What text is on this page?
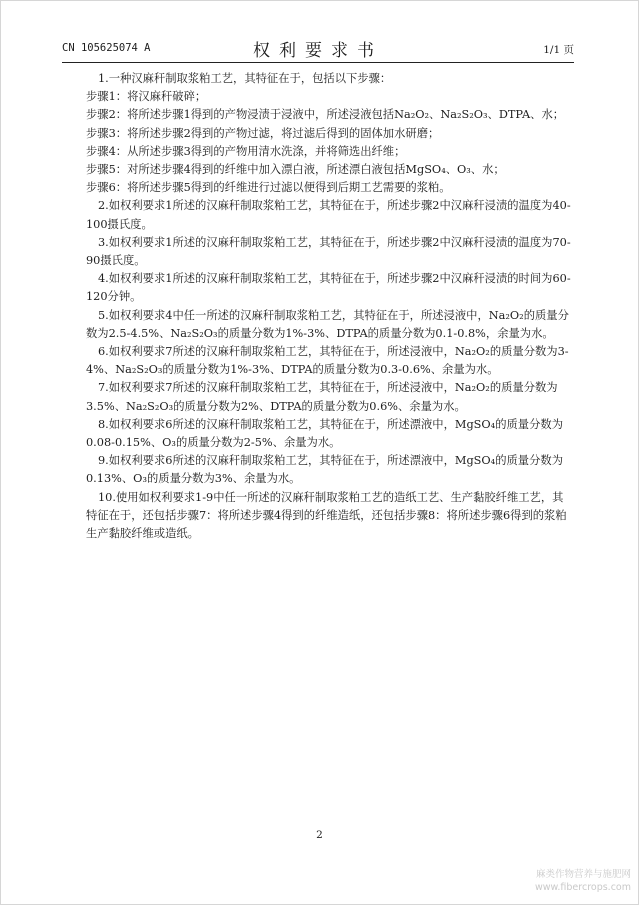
CN 105625074 A	权利要求书	1/1 页

1.一种汉麻秆制取浆粕工艺，其特征在于，包括以下步骤：

步骤1：将汉麻秆破碎；

步骤2：将所述步骤1得到的产物浸渍于浸液中，所述浸液包括Na₂O₂、Na₂S₂O₃、DTPA、水；

步骤3：将所述步骤2得到的产物过滤，将过滤后得到的固体加水研磨；

步骤4：从所述步骤3得到的产物用清水洗涤，并将筛选出纤维；

步骤5：对所述步骤4得到的纤维中加入漂白液，所述漂白液包括MgSO₄、O₃、水；

步骤6：将所述步骤5得到的纤维进行过滤以便得到后期工艺需要的浆粕。

2.如权利要求1所述的汉麻秆制取浆粕工艺，其特征在于，所述步骤2中汉麻秆浸渍的温度为40-100摄氏度。

3.如权利要求1所述的汉麻秆制取浆粕工艺，其特征在于，所述步骤2中汉麻秆浸渍的温度为70-90摄氏度。

4.如权利要求1所述的汉麻秆制取浆粕工艺，其特征在于，所述步骤2中汉麻秆浸渍的时间为60-120分钟。

5.如权利要求4中任一所述的汉麻秆制取浆粕工艺，其特征在于，所述浸液中，Na₂O₂的质量分数为2.5-4.5%、Na₂S₂O₃的质量分数为1%-3%、DTPA的质量分数为0.1-0.8%，余量为水。

6.如权利要求7所述的汉麻秆制取浆粕工艺，其特征在于，所述浸液中，Na₂O₂的质量分数为3-4%、Na₂S₂O₃的质量分数为1%-3%、DTPA的质量分数为0.3-0.6%、余量为水。

7.如权利要求7所述的汉麻秆制取浆粕工艺，其特征在于，所述浸液中，Na₂O₂的质量分数为3.5%、Na₂S₂O₃的质量分数为2%、DTPA的质量分数为0.6%、余量为水。

8.如权利要求6所述的汉麻秆制取浆粕工艺，其特征在于，所述漂液中，MgSO₄的质量分数为0.08-0.15%、O₃的质量分数为2-5%、余量为水。

9.如权利要求6所述的汉麻秆制取浆粕工艺，其特征在于，所述漂液中，MgSO₄的质量分数为0.13%、O₃的质量分数为3%、余量为水。

10.使用如权利要求1-9中任一所述的汉麻秆制取浆粕工艺的造纸工艺、生产黏胶纤维工艺，其特征在于，还包括步骤7：将所述步骤4得到的纤维造纸，还包括步骤8：将所述步骤6得到的浆粕生产黏胶纤维或造纸。

2
麻类作物营养与施肥网
www.fibercrops.com
